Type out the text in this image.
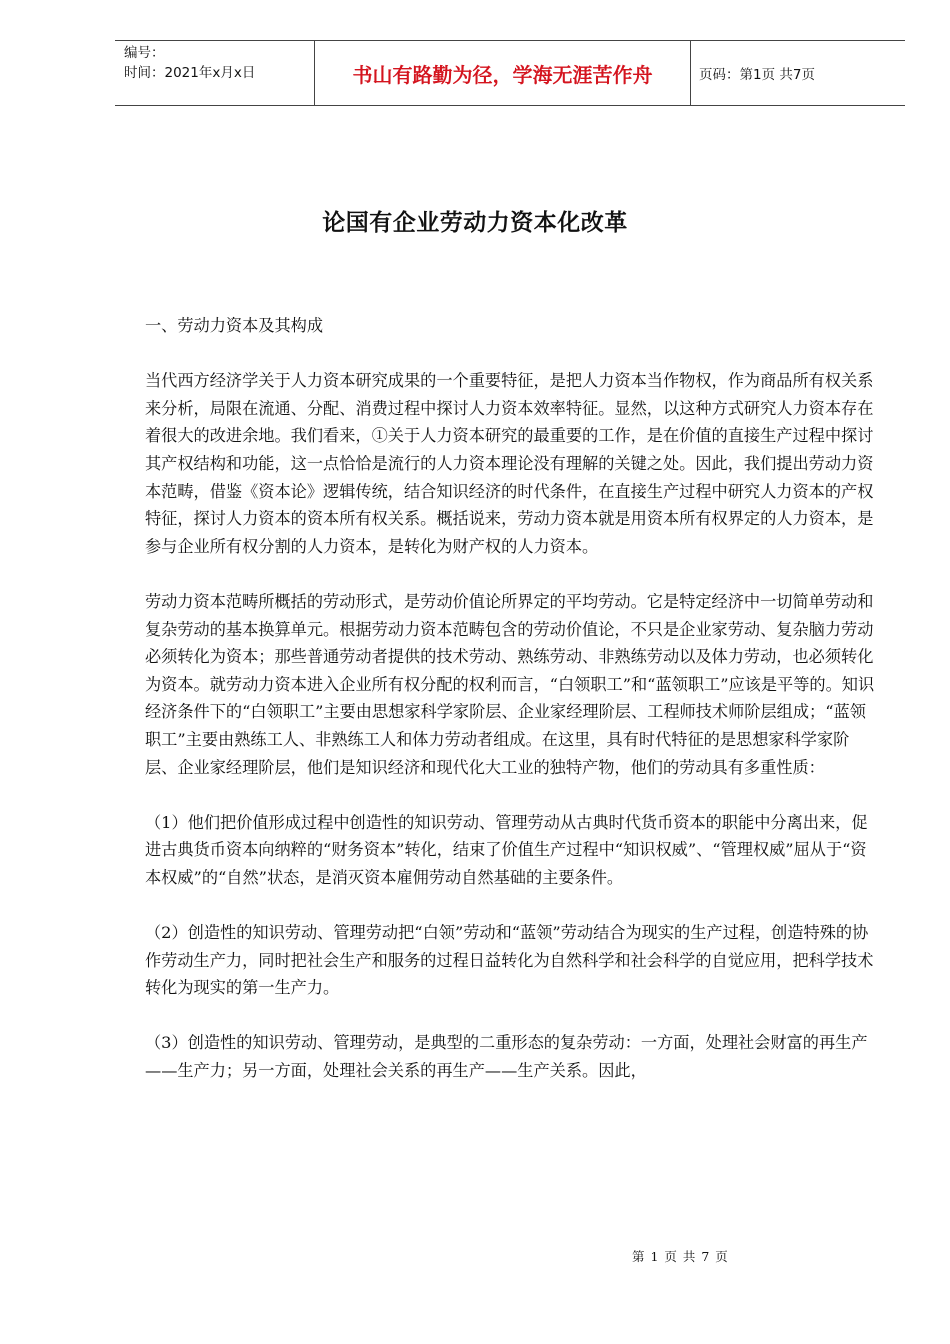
编号：
时间：2021年x月x日	书山有路勤为径，学海无涯苦作舟	页码：第1页 共7页
论国有企业劳动力资本化改革

一、劳动力资本及其构成

当代西方经济学关于人力资本研究成果的一个重要特征，是把人力资本当作物权，作为商品所有权关系来分析，局限在流通、分配、消费过程中探讨人力资本效率特征。显然，以这种方式研究人力资本存在着很大的改进余地。我们看来，①关于人力资本研究的最重要的工作，是在价值的直接生产过程中探讨其产权结构和功能，这一点恰恰是流行的人力资本理论没有理解的关键之处。因此，我们提出劳动力资本范畴，借鉴《资本论》逻辑传统，结合知识经济的时代条件，在直接生产过程中研究人力资本的产权特征，探讨人力资本的资本所有权关系。概括说来，劳动力资本就是用资本所有权界定的人力资本，是参与企业所有权分割的人力资本，是转化为财产权的人力资本。

劳动力资本范畴所概括的劳动形式，是劳动价值论所界定的平均劳动。它是特定经济中一切简单劳动和复杂劳动的基本换算单元。根据劳动力资本范畴包含的劳动价值论，不只是企业家劳动、复杂脑力劳动必须转化为资本；那些普通劳动者提供的技术劳动、熟练劳动、非熟练劳动以及体力劳动，也必须转化为资本。就劳动力资本进入企业所有权分配的权利而言，“白领职工”和“蓝领职工”应该是平等的。知识经济条件下的“白领职工”主要由思想家科学家阶层、企业家经理阶层、工程师技术师阶层组成；“蓝领职工”主要由熟练工人、非熟练工人和体力劳动者组成。在这里，具有时代特征的是思想家科学家阶层、企业家经理阶层，他们是知识经济和现代化大工业的独特产物，他们的劳动具有多重性质：

（1）他们把价值形成过程中创造性的知识劳动、管理劳动从古典时代货币资本的职能中分离出来，促进古典货币资本向纳粹的“财务资本”转化，结束了价值生产过程中“知识权威”、“管理权威”屈从于“资本权威”的“自然”状态，是消灭资本雇佣劳动自然基础的主要条件。

（2）创造性的知识劳动、管理劳动把“白领”劳动和“蓝领”劳动结合为现实的生产过程，创造特殊的协作劳动生产力，同时把社会生产和服务的过程日益转化为自然科学和社会科学的自觉应用，把科学技术转化为现实的第一生产力。

（3）创造性的知识劳动、管理劳动，是典型的二重形态的复杂劳动：一方面，处理社会财富的再生产——生产力；另一方面，处理社会关系的再生产——生产关系。因此，

第 1 页 共 7 页
